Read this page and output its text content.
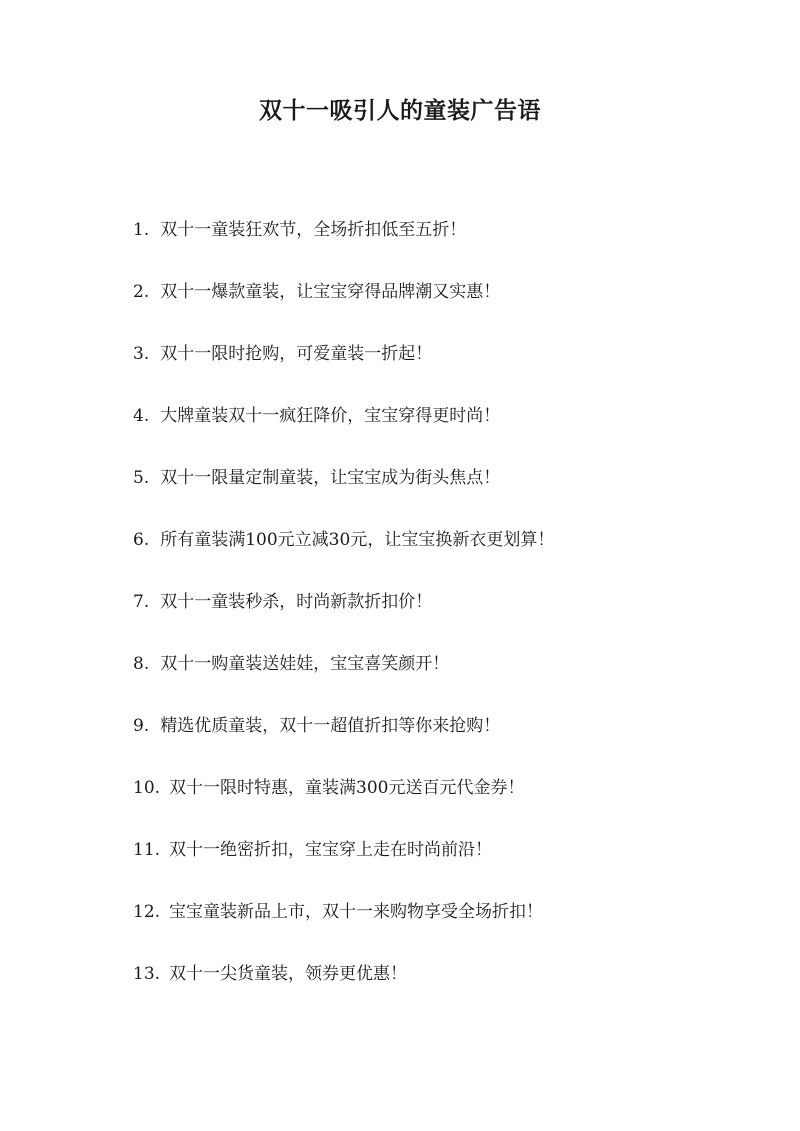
双十一吸引人的童装广告语
1. 双十一童装狂欢节，全场折扣低至五折！
2. 双十一爆款童装，让宝宝穿得品牌潮又实惠！
3. 双十一限时抢购，可爱童装一折起！
4. 大牌童装双十一疯狂降价，宝宝穿得更时尚！
5. 双十一限量定制童装，让宝宝成为街头焦点！
6. 所有童装满100元立减30元，让宝宝换新衣更划算！
7. 双十一童装秒杀，时尚新款折扣价！
8. 双十一购童装送娃娃，宝宝喜笑颜开！
9. 精选优质童装，双十一超值折扣等你来抢购！
10. 双十一限时特惠，童装满300元送百元代金券！
11. 双十一绝密折扣，宝宝穿上走在时尚前沿！
12. 宝宝童装新品上市，双十一来购物享受全场折扣！
13. 双十一尖货童装，领券更优惠！
